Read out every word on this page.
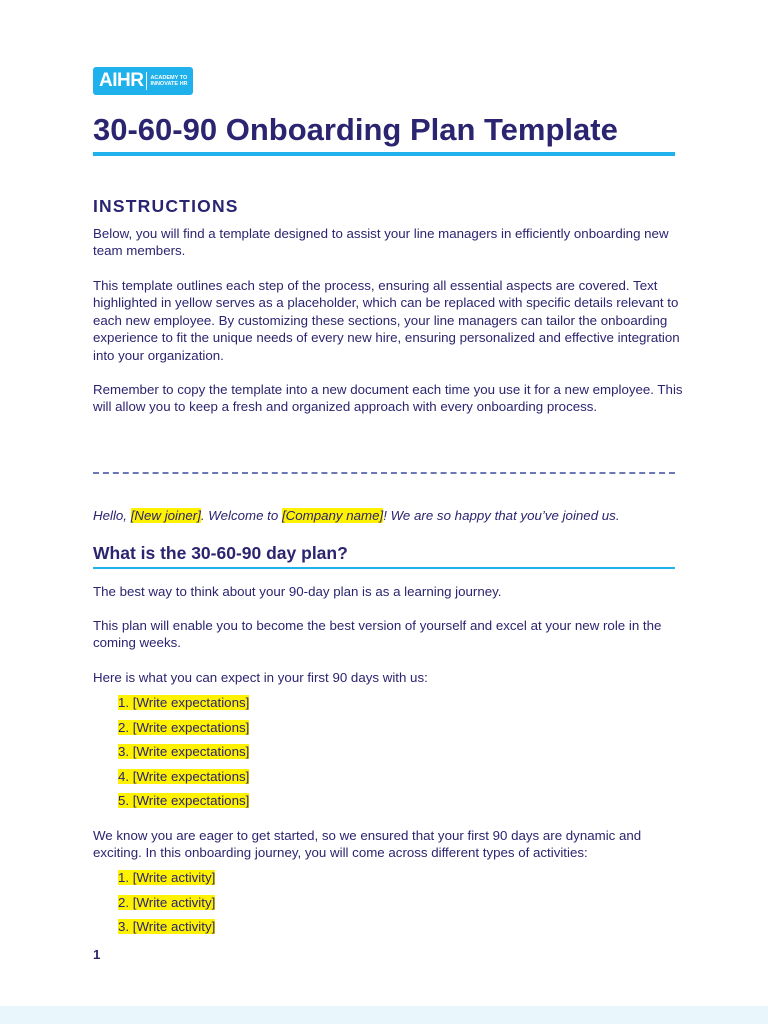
AIHR ACADEMY TO
INNOVATE HR
30-60-90 Onboarding Plan Template
INSTRUCTIONS

Below, you will find a template designed to assist your line managers in efficiently onboarding new team members.

This template outlines each step of the process, ensuring all essential aspects are covered. Text highlighted in yellow serves as a placeholder, which can be replaced with specific details relevant to each new employee. By customizing these sections, your line managers can tailor the onboarding experience to fit the unique needs of every new hire, ensuring personalized and effective integration into your organization.

Remember to copy the template into a new document each time you use it for a new employee. This will allow you to keep a fresh and organized approach with every onboarding process.

Hello, [New joiner]. Welcome to [Company name]! We are so happy that you’ve joined us.

What is the 30-60-90 day plan?

The best way to think about your 90-day plan is as a learning journey.

This plan will enable you to become the best version of yourself and excel at your new role in the coming weeks.

Here is what you can expect in your first 90 days with us:

1. [Write expectations]
2. [Write expectations]
3. [Write expectations]
4. [Write expectations]
5. [Write expectations]

We know you are eager to get started, so we ensured that your first 90 days are dynamic and exciting. In this onboarding journey, you will come across different types of activities:

1. [Write activity]
2. [Write activity]
3. [Write activity]

1
